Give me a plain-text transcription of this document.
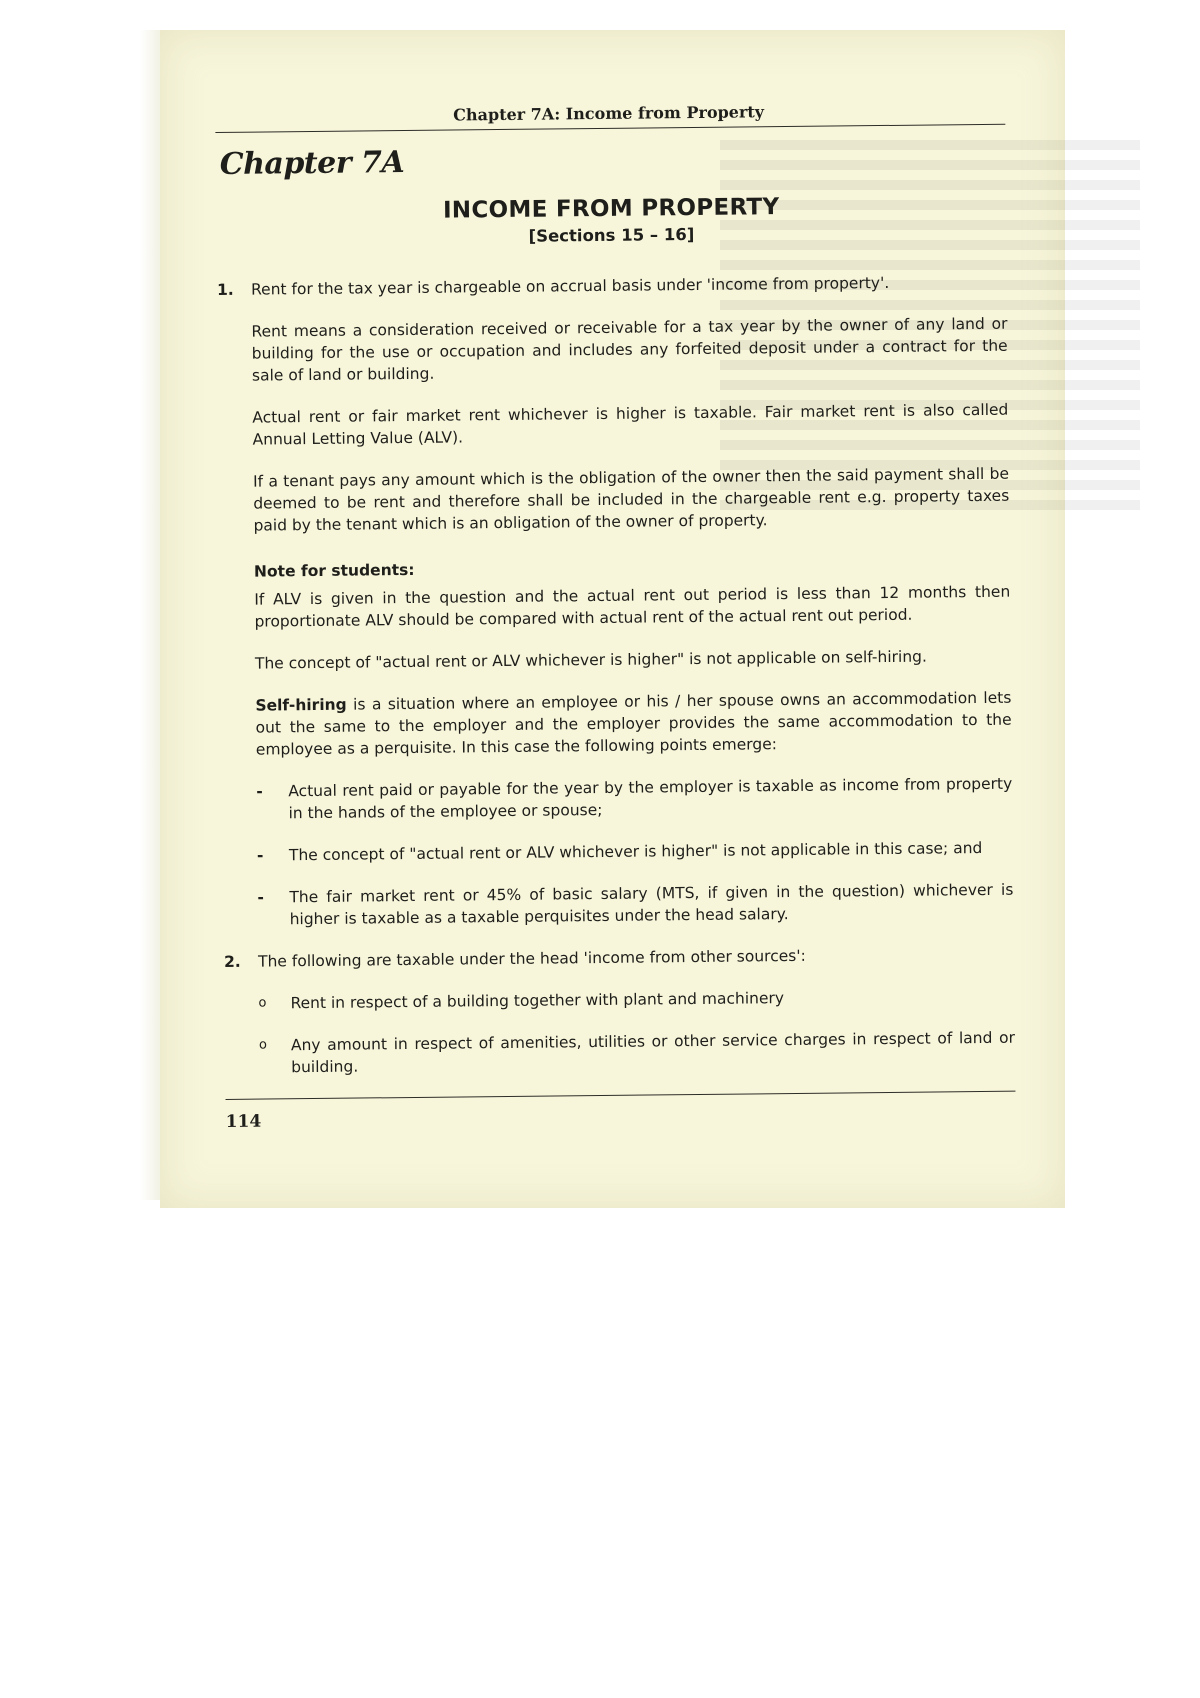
Chapter 7A: Income from Property
Chapter 7A
INCOME FROM PROPERTY
[Sections 15 – 16]
1.	Rent for the tax year is chargeable on accrual basis under 'income from property'.
Rent means a consideration received or receivable for a tax year by the owner of any land or building for the use or occupation and includes any forfeited deposit under a contract for the sale of land or building.
Actual rent or fair market rent whichever is higher is taxable. Fair market rent is also called Annual Letting Value (ALV).
If a tenant pays any amount which is the obligation of the owner then the said payment shall be deemed to be rent and therefore shall be included in the chargeable rent e.g. property taxes paid by the tenant which is an obligation of the owner of property.
Note for students:
If ALV is given in the question and the actual rent out period is less than 12 months then proportionate ALV should be compared with actual rent of the actual rent out period.
The concept of "actual rent or ALV whichever is higher" is not applicable on self-hiring.
Self-hiring is a situation where an employee or his / her spouse owns an accommodation lets out the same to the employer and the employer provides the same accommodation to the employee as a perquisite. In this case the following points emerge:
-	Actual rent paid or payable for the year by the employer is taxable as income from property in the hands of the employee or spouse;
-	The concept of "actual rent or ALV whichever is higher" is not applicable in this case; and
-	The fair market rent or 45% of basic salary (MTS, if given in the question) whichever is higher is taxable as a taxable perquisites under the head salary.
2.	The following are taxable under the head 'income from other sources':
o	Rent in respect of a building together with plant and machinery
o	Any amount in respect of amenities, utilities or other service charges in respect of land or building.
114
